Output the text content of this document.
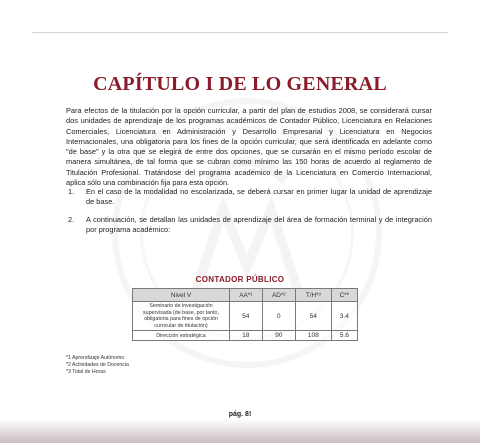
CAPÍTULO I DE LO GENERAL
Para efectos de la titulación por la opción curricular, a partir del plan de estudios 2008, se considerará cursar dos unidades de aprendizaje de los programas académicos de Contador Público, Licenciatura en Relaciones Comerciales, Licenciatura en Administración y Desarrollo Empresarial y Licenciatura en Negocios Internacionales, una obligatoria para los fines de la opción curricular, que será identificada en adelante como "de base" y la otra que se elegirá de entre dos opciones, que se cursarán en el mismo período escolar de manera simultánea, de tal forma que se cubran como mínimo las 150 horas de acuerdo al reglamento de Titulación Profesional. Tratándose del programa académico de la Licenciatura en Comercio Internacional, aplica sólo una combinación fija para esta opción.
1.	En el caso de la modalidad no escolarizada, se deberá cursar en primer lugar la unidad de aprendizaje de base.
2.	A continuación, se detallan las unidades de aprendizaje del área de formación terminal y de integración por programa académico:
CONTADOR PÚBLICO
Nivel V	AA*¹	AD*²	T/H*³	C**
Seminario de investigación supervisada (de base, por tanto, obligatoria para fines de opción curricular de titulación)	54	0	54	3.4
Dirección estratégica	18	90	108	5.6
*1 Aprendizaje Autónomo
*2 Actividades de Docencia
*3 Total de Horas
pág. 8!
